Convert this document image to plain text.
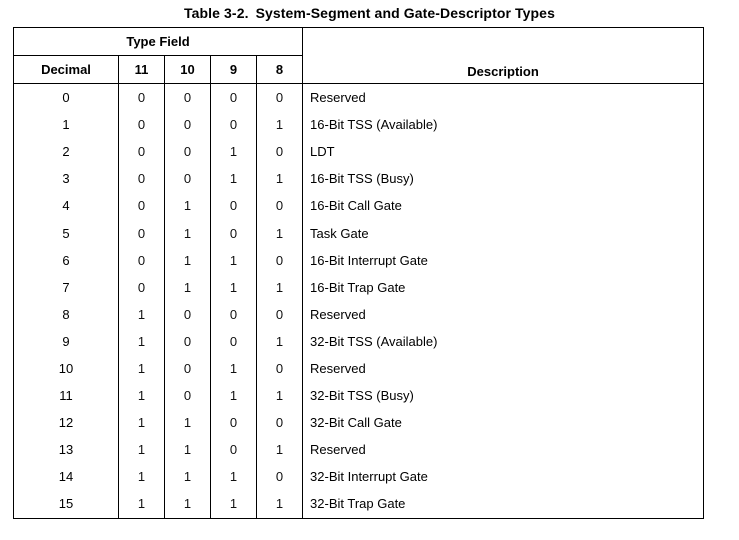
Table 3-2. System-Segment and Gate-Descriptor Types
Type Field					Description
Decimal	11	10	9	8	
0	0	0	0	0	Reserved
1	0	0	0	1	16-Bit TSS (Available)
2	0	0	1	0	LDT
3	0	0	1	1	16-Bit TSS (Busy)
4	0	1	0	0	16-Bit Call Gate
5	0	1	0	1	Task Gate
6	0	1	1	0	16-Bit Interrupt Gate
7	0	1	1	1	16-Bit Trap Gate
8	1	0	0	0	Reserved
9	1	0	0	1	32-Bit TSS (Available)
10	1	0	1	0	Reserved
11	1	0	1	1	32-Bit TSS (Busy)
12	1	1	0	0	32-Bit Call Gate
13	1	1	0	1	Reserved
14	1	1	1	0	32-Bit Interrupt Gate
15	1	1	1	1	32-Bit Trap Gate
